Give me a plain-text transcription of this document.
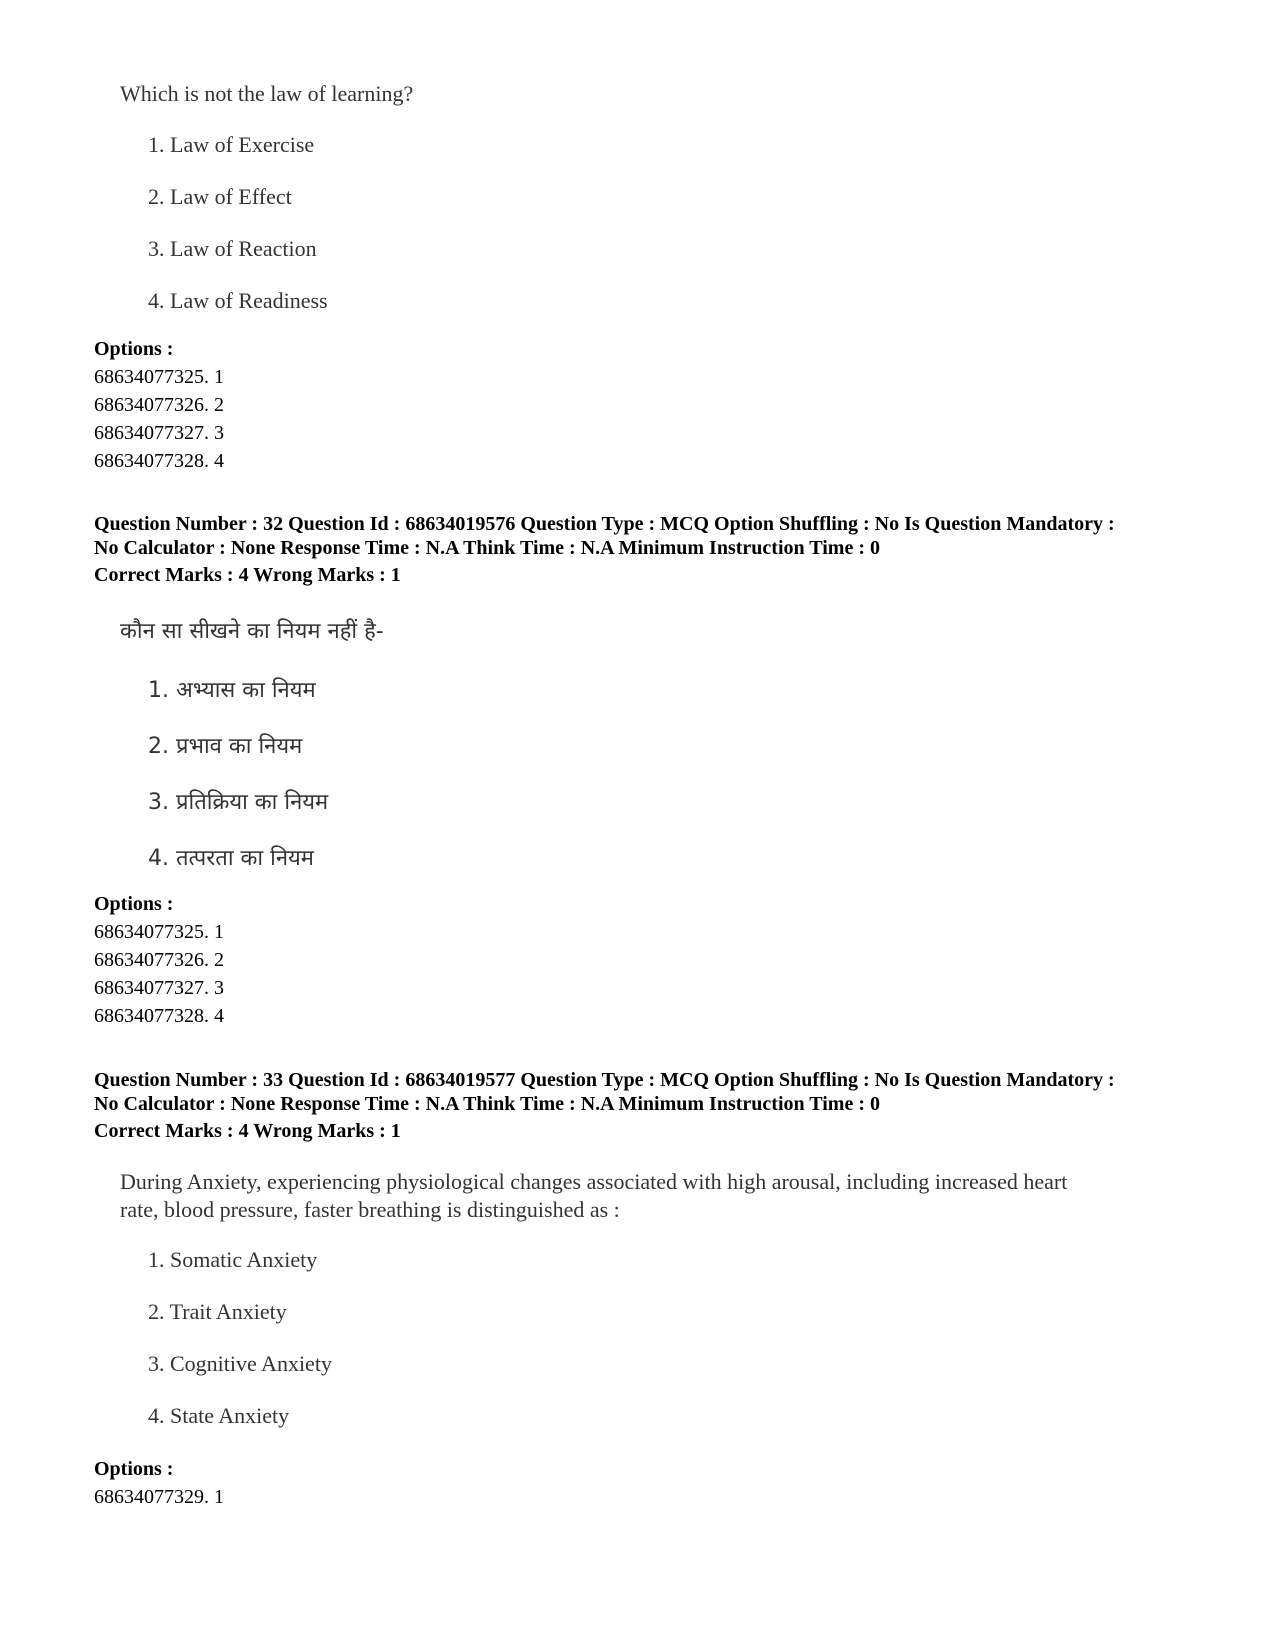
Which is not the law of learning?
1. Law of Exercise
2. Law of Effect
3. Law of Reaction
4. Law of Readiness
Options :
68634077325. 1
68634077326. 2
68634077327. 3
68634077328. 4
Question Number : 32 Question Id : 68634019576 Question Type : MCQ Option Shuffling : No Is Question Mandatory :
No Calculator : None Response Time : N.A Think Time : N.A Minimum Instruction Time : 0
Correct Marks : 4 Wrong Marks : 1
कौन सा सीखने का नियम नहीं है-
1. अभ्यास का नियम
2. प्रभाव का नियम
3. प्रतिक्रिया का नियम
4. तत्परता का नियम
Options :
68634077325. 1
68634077326. 2
68634077327. 3
68634077328. 4
Question Number : 33 Question Id : 68634019577 Question Type : MCQ Option Shuffling : No Is Question Mandatory :
No Calculator : None Response Time : N.A Think Time : N.A Minimum Instruction Time : 0
Correct Marks : 4 Wrong Marks : 1
During Anxiety, experiencing physiological changes associated with high arousal, including increased heart
rate, blood pressure, faster breathing is distinguished as :
1. Somatic Anxiety
2. Trait Anxiety
3. Cognitive Anxiety
4. State Anxiety
Options :
68634077329. 1
